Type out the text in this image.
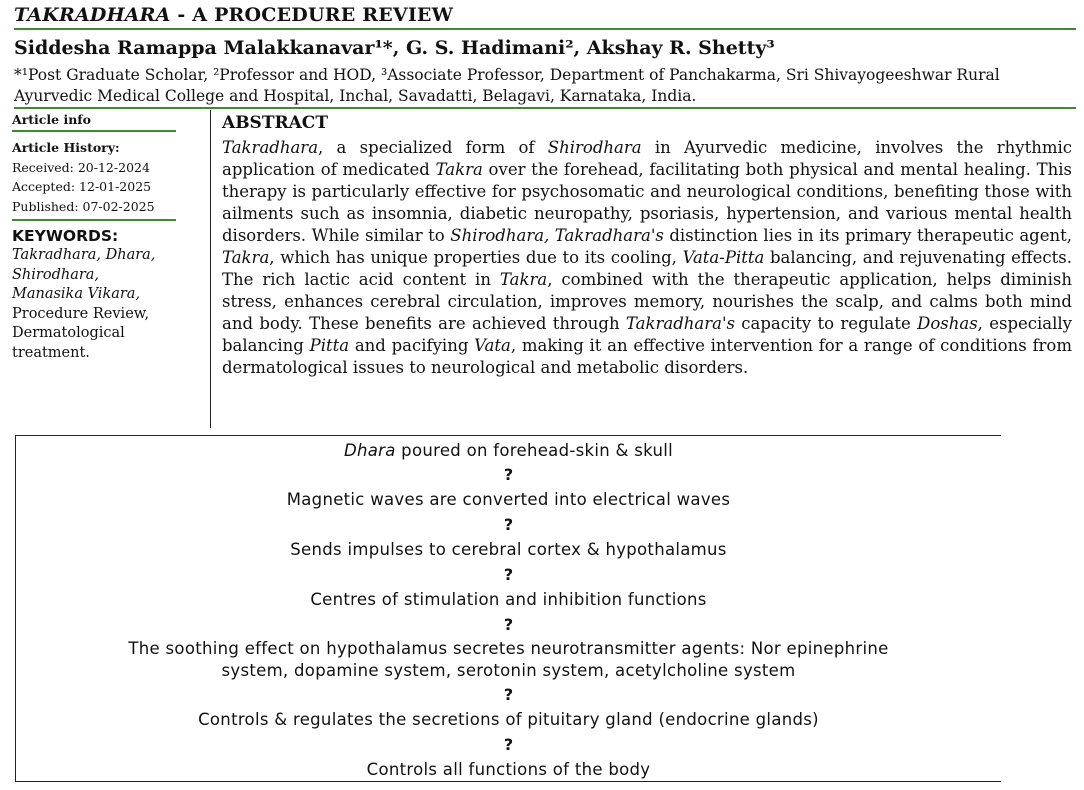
TAKRADHARA - A PROCEDURE REVIEW
Siddesha Ramappa Malakkanavar¹*, G. S. Hadimani², Akshay R. Shetty³
*¹Post Graduate Scholar, ²Professor and HOD, ³Associate Professor, Department of Panchakarma, Sri Shivayogeeshwar Rural Ayurvedic Medical College and Hospital, Inchal, Savadatti, Belagavi, Karnataka, India.
Article info
Article History:
Received: 20-12-2024
Accepted: 12-01-2025
Published: 07-02-2025
KEYWORDS:
Takradhara, Dhara,
Shirodhara,
Manasika Vikara,
Procedure Review,
Dermatological
treatment.
ABSTRACT

Takradhara, a specialized form of Shirodhara in Ayurvedic medicine, involves the rhythmic application of medicated Takra over the forehead, facilitating both physical and mental healing. This therapy is particularly effective for psychosomatic and neurological conditions, benefiting those with ailments such as insomnia, diabetic neuropathy, psoriasis, hypertension, and various mental health disorders. While similar to Shirodhara, Takradhara's distinction lies in its primary therapeutic agent, Takra, which has unique properties due to its cooling, Vata-Pitta balancing, and rejuvenating effects. The rich lactic acid content in Takra, combined with the therapeutic application, helps diminish stress, enhances cerebral circulation, improves memory, nourishes the scalp, and calms both mind and body. These benefits are achieved through Takradhara's capacity to regulate Doshas, especially balancing Pitta and pacifying Vata, making it an effective intervention for a range of conditions from dermatological issues to neurological and metabolic disorders.

Dhara poured on forehead-skin & skull
?
Magnetic waves are converted into electrical waves
?
Sends impulses to cerebral cortex & hypothalamus
?
Centres of stimulation and inhibition functions
?
The soothing effect on hypothalamus secretes neurotransmitter agents: Nor epinephrine
system, dopamine system, serotonin system, acetylcholine system
?
Controls & regulates the secretions of pituitary gland (endocrine glands)
?
Controls all functions of the body
